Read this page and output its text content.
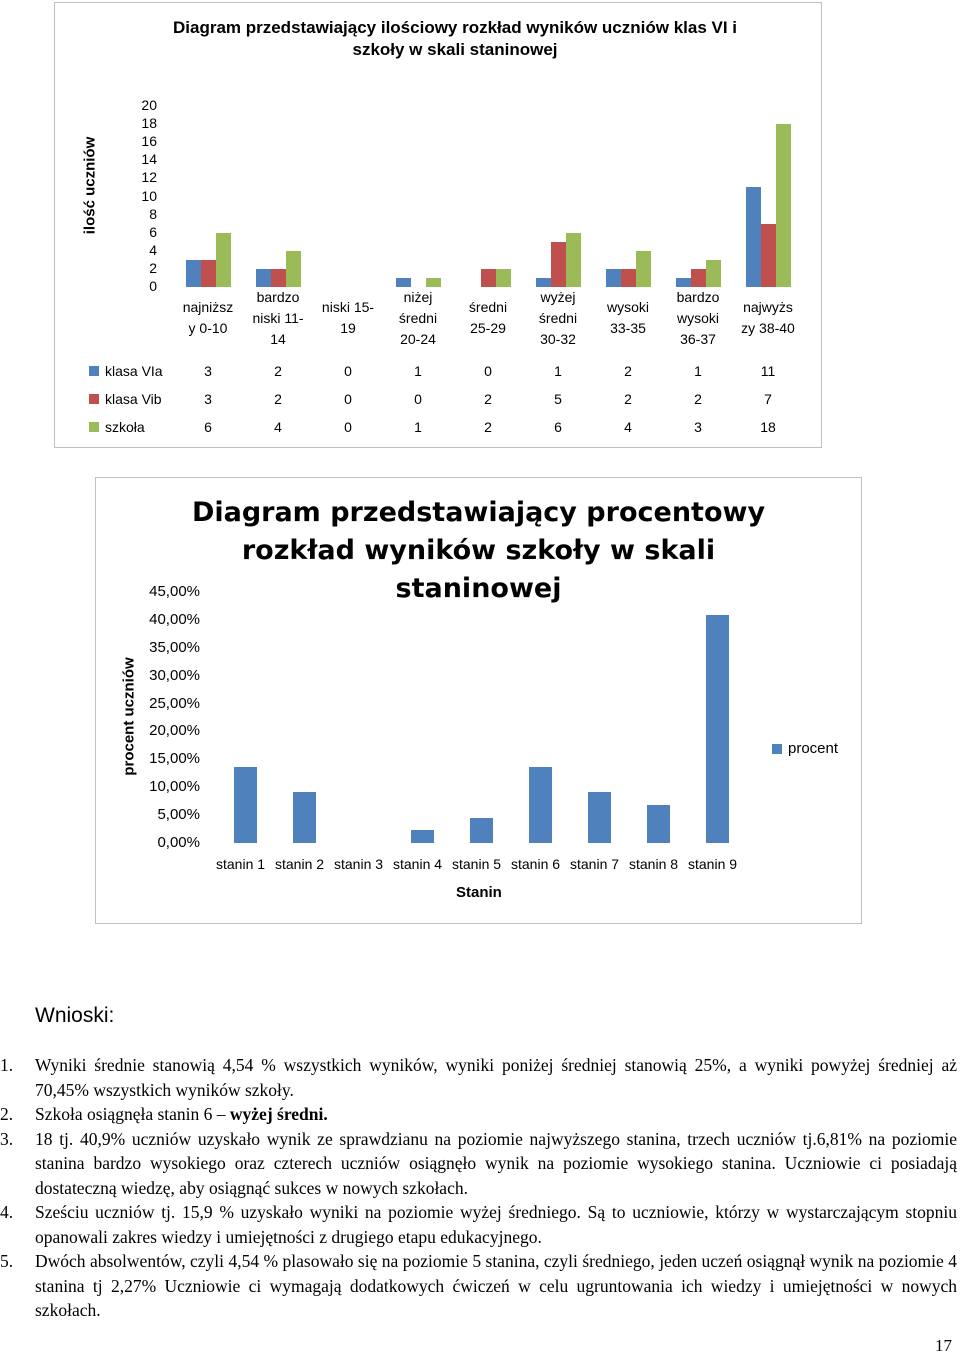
Diagram przedstawiający ilościowy rozkład wyników uczniów klas VI i szkoły w skali staninowej
ilość uczniów
20
18
16
14
12
10
8
6
4
2
0
najniższ
y 0-10
bardzo
niski 11-
14
niski 15-
19
niżej
średni
20-24
średni
25-29
wyżej
średni
30-32
wysoki
33-35
bardzo
wysoki
36-37
najwyżs
zy 38-40
klasa VIa	3	2	0	1	0	1	2	1	11
klasa Vib	3	2	0	0	2	5	2	2	7
szkoła	6	4	0	1	2	6	4	3	18
Diagram przedstawiający procentowy rozkład wyników szkoły w skali staninowej
procent uczniów
45,00%
40,00%
35,00%
30,00%
25,00%
20,00%
15,00%
10,00%
5,00%
0,00%
stanin 1 stanin 2 stanin 3 stanin 4 stanin 5 stanin 6 stanin 7 stanin 8 stanin 9
Stanin
procent
Wnioski:
1. Wyniki średnie stanowią 4,54 % wszystkich wyników, wyniki poniżej średniej stanowią 25%, a wyniki powyżej średniej aż 70,45% wszystkich wyników szkoły.
2. Szkoła osiągnęła stanin 6 – wyżej średni.
3. 18 tj. 40,9% uczniów uzyskało wynik ze sprawdzianu na poziomie najwyższego stanina, trzech uczniów tj.6,81% na poziomie stanina bardzo wysokiego oraz czterech uczniów osiągnęło wynik na poziomie wysokiego stanina. Uczniowie ci posiadają dostateczną wiedzę, aby osiągnąć sukces w nowych szkołach.
4. Sześciu uczniów tj. 15,9 % uzyskało wyniki na poziomie wyżej średniego. Są to uczniowie, którzy w wystarczającym stopniu opanowali zakres wiedzy i umiejętności z drugiego etapu edukacyjnego.
5. Dwóch absolwentów, czyli 4,54 % plasowało się na poziomie 5 stanina, czyli średniego, jeden uczeń osiągnął wynik na poziomie 4 stanina tj 2,27% Uczniowie ci wymagają dodatkowych ćwiczeń w celu ugruntowania ich wiedzy i umiejętności w nowych szkołach.
17
